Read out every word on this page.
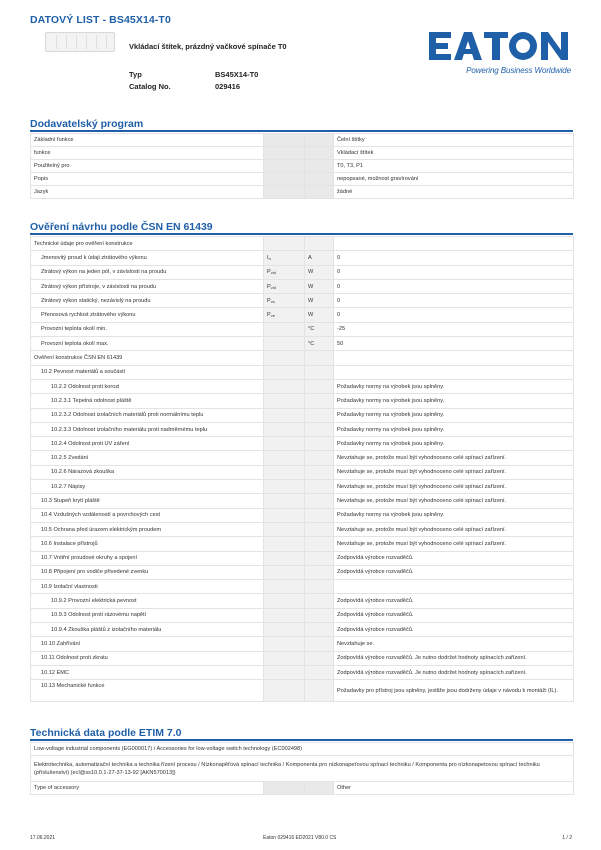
DATOVÝ LIST - BS45X14-T0
Vkládací štítek, prázdný vačkové spínače T0
Typ	BS45X14-T0
Catalog No.	029416
Powering Business Worldwide
Dodavatelský program
Základní funkce			Čelní štítky
funkce			Vkládací štítek
Použitelný pro			T0, T3, P1
Popis			nepopsané, možnost gravírování
Jazyk			žádné
Ověření návrhu podle ČSN EN 61439
Technické údaje pro ověření konstrukce			
Jmenovitý proud k údaji ztrátového výkonu	$I_n$	A	0
Ztrátový výkon na jeden pól, v závislosti na proudu	$P_{vid}$	W	0
Ztrátový výkon přístroje, v závislosti na proudu	$P_{vid}$	W	0
Ztrátový výkon statický, nezávislý na proudu	$P_{vs}$	W	0
Přenosová rychlost ztrátového výkonu	$P_{ve}$	W	0
Provozní teplota okolí min.		°C	-25
Provozní teplota okolí max.		°C	50
Ověření konstrukce ČSN EN 61439			
10.2 Pevnost materiálů a součástí			
10.2.2 Odolnost proti korozi			Požadavky normy na výrobek jsou splněny.
10.2.3.1 Tepelná odolnost pláště			Požadavky normy na výrobek jsou splněny.
10.2.3.2 Odolnost izolačních materiálů proti normálnímu teplu			Požadavky normy na výrobek jsou splněny.
10.2.3.3 Odolnost izolačního materiálu proti nadměrnému teplu			Požadavky normy na výrobek jsou splněny.
10.2.4 Odolnost proti UV záření			Požadavky normy na výrobek jsou splněny.
10.2.5 Zvedání			Nevztahuje se, protože musí být vyhodnoceno celé spínací zařízení.
10.2.6 Nárazová zkouška			Nevztahuje se, protože musí být vyhodnoceno celé spínací zařízení.
10.2.7 Nápisy			Nevztahuje se, protože musí být vyhodnoceno celé spínací zařízení.
10.3 Stupeň krytí pláště			Nevztahuje se, protože musí být vyhodnoceno celé spínací zařízení.
10.4 Vzdušných vzdáleností a povrchových cest			Požadavky normy na výrobek jsou splněny.
10.5 Ochrana před úrazem elektrickým proudem			Nevztahuje se, protože musí být vyhodnoceno celé spínací zařízení.
10.6 Instalace přístrojů			Nevztahuje se, protože musí být vyhodnoceno celé spínací zařízení.
10.7 Vnitřní proudové okruhy a spojení			Zodpovídá výrobce rozvaděčů.
10.8 Připojení pro vodiče přivedené zvenku			Zodpovídá výrobce rozvaděčů.
10.9 Izolační vlastnosti			
10.9.2 Provozní elektrická pevnost			Zodpovídá výrobce rozvaděčů.
10.9.3 Odolnost proti rázovému napětí			Zodpovídá výrobce rozvaděčů.
10.9.4 Zkouška pláštů z izolačního materiálu			Zodpovídá výrobce rozvaděčů.
10.10 Zahřívání			Nevztahuje se.
10.11 Odolnost proti zkratu			Zodpovídá výrobce rozvaděčů. Je nutno dodržet hodnoty spínacích zařízení.
10.12 EMC			Zodpovídá výrobce rozvaděčů. Je nutno dodržet hodnoty spínacích zařízení.
10.13 Mechanické funkce			Požadavky pro přístroj jsou splněny, jestliže jsou dodrženy údaje v návodu k montáži (IL).
Technická data podle ETIM 7.0
Low-voltage industrial components (EG000017) / Accessories for low-voltage switch technology (EC002498)
Elektrotechnika, automatizační technika a technika řízení procesu / Nízkonapěťová spínací technika / Komponenta pro nízkonapeťovou spínací techniku / Komponenta pro nízkonapetovou spínací techniku (příslušenství) (ecl@ss10.0.1-27-37-13-92 [AKN570013])
Type of accessory			Other
17.06.2021	Eaton 029416 ED2021 V80.0 CS	1 / 2
